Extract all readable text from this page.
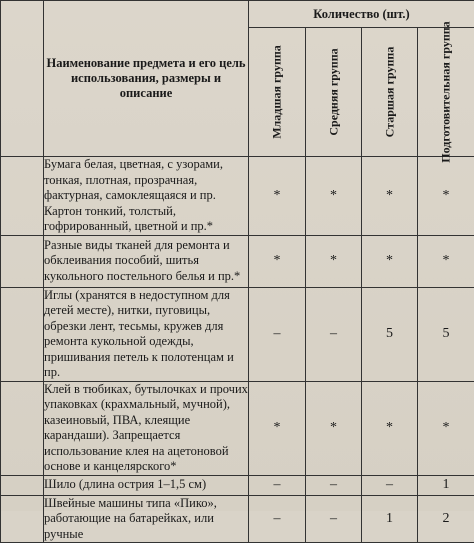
	Наименование предмета и его цель использования, размеры и описание	Количество (шт.)			

		Младшая группа	Средняя группа	Старшая группа	Подготовительная группа

	Бумага белая, цветная, с узорами, тонкая, плотная, прозрачная, фактурная, самоклеящаяся и пр. Картон тонкий, толстый, гофрированный, цветной и пр.*	*	*	*	*
	Разные виды тканей для ремонта и обклеивания пособий, шитья кукольного постельного белья и пр.*	*	*	*	*
	Иглы (хранятся в недоступном для детей месте), нитки, пуговицы, обрезки лент, тесьмы, кружев для ремонта кукольной одежды, пришивания петель к полотенцам и пр.	–	–	5	5
	Клей в тюбиках, бутылочках и прочих упаковках (крахмальный, мучной), казеиновый, ПВА, клеящие карандаши). Запрещается использование клея на ацетоновой основе и канцелярского*	*	*	*	*
	Шило (длина острия 1–1,5 см)	–	–	–	1
	Швейные машины типа «Пико», работающие на батарейках, или ручные	–	–	1	2
